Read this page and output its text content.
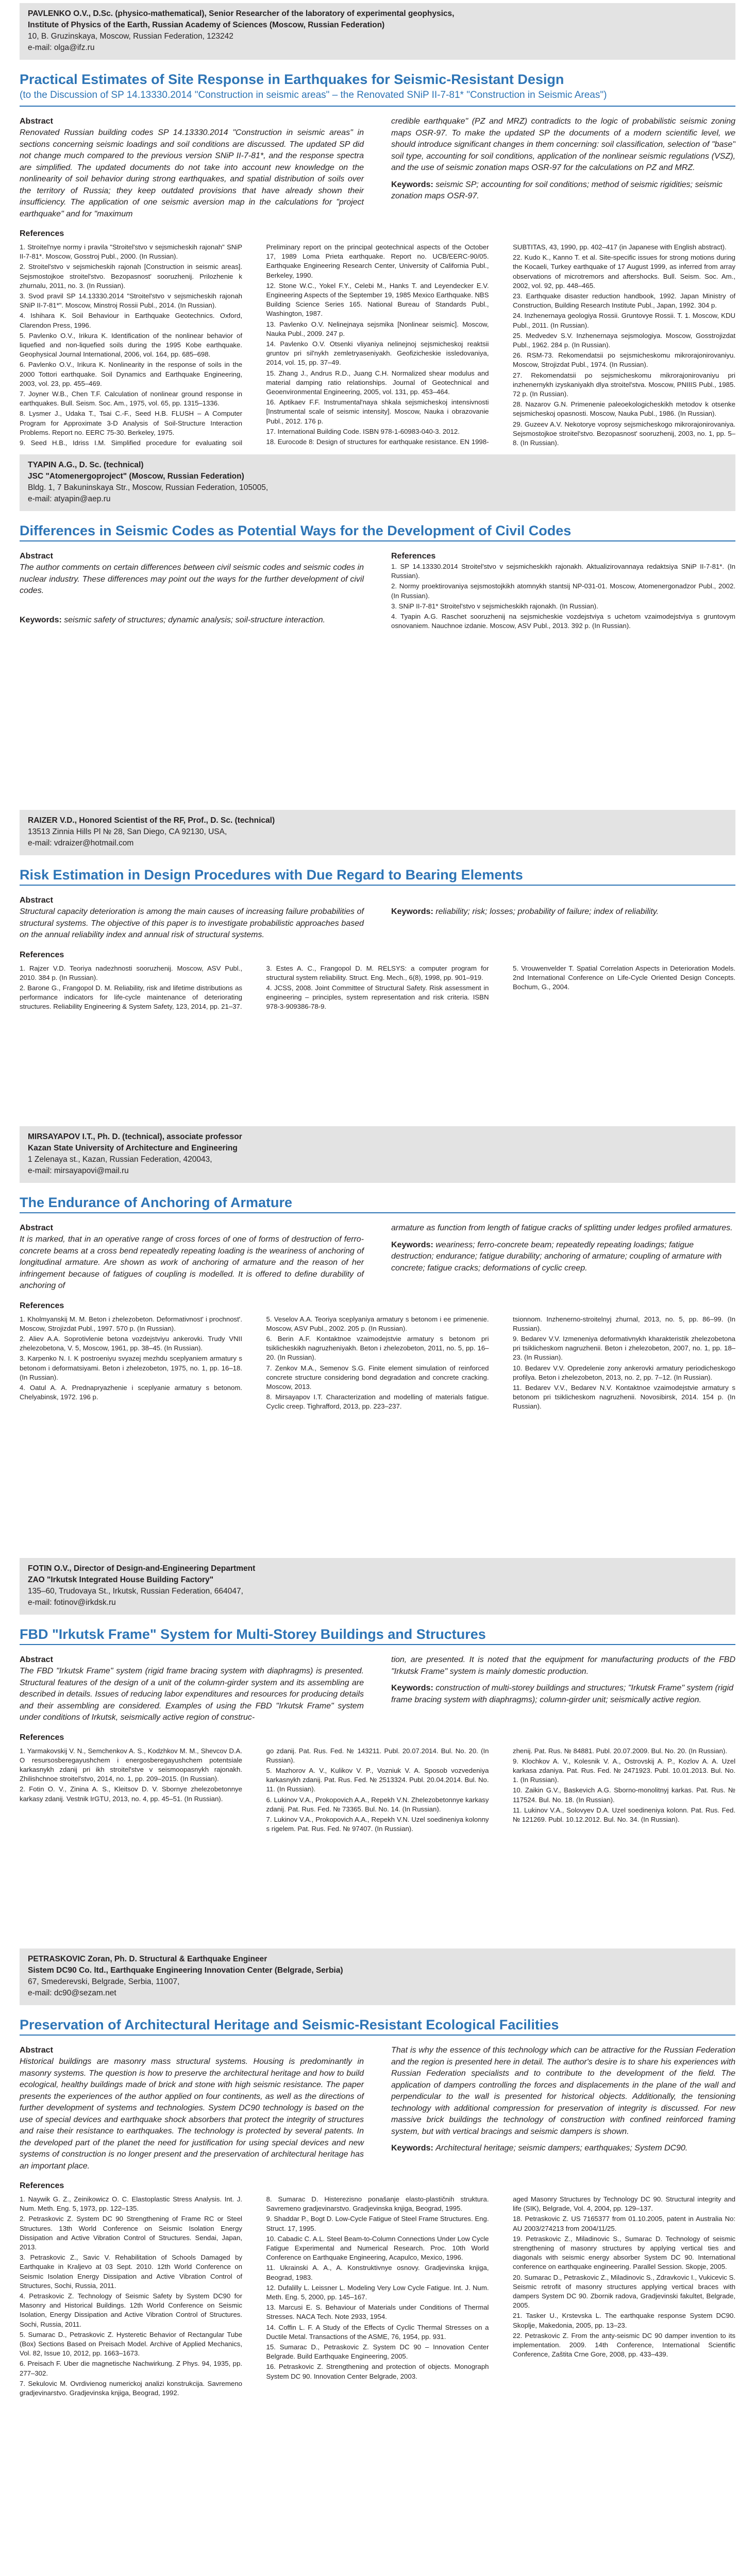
PAVLENKO O.V., D.Sc. (physico-mathematical), Senior Researcher of the laboratory of experimental geophysics,
Institute of Physics of the Earth, Russian Academy of Sciences (Moscow, Russian Federation)
10, B. Gruzinskaya, Moscow, Russian Federation, 123242
e-mail: olga@ifz.ru
Practical Estimates of Site Response in Earthquakes for Seismic-Resistant Design
(to the Discussion of SP 14.13330.2014 "Construction in seismic areas" – the Renovated SNiP II-7-81* "Construction in Seismic Areas")
Abstract

Renovated Russian building codes SP 14.13330.2014 "Construction in seismic areas" in sections concerning seismic loadings and soil conditions are discussed. The updated SP did not change much compared to the previous version SNiP II-7-81*, and the response spectra are simplified. The updated documents do not take into account new knowledge on the nonlinearity of soil behavior during strong earthquakes, and spatial distribution of soils over the territory of Russia; they keep outdated provisions that have already shown their insufficiency. The application of one seismic aversion map in the calculations for "project earthquake" and for "maximum

credible earthquake" (PZ and MRZ) contradicts to the logic of probabilistic seismic zoning maps OSR-97. To make the updated SP the documents of a modern scientific level, we should introduce significant changes in them concerning: soil classification, selection of "base" soil type, accounting for soil conditions, application of the nonlinear seismic regulations (VSZ), and the use of seismic zonation maps OSR-97 for the calculations on PZ and MRZ.

Keywords: seismic SP; accounting for soil conditions; method of seismic rigidities; seismic zonation maps OSR-97.
References

1. Stroitel'nye normy i pravila "Stroitel'stvo v sejsmicheskih rajonah" SNiP II-7-81*. Moscow, Gosstroj Publ., 2000. (In Russian).

2. Stroitel'stvo v sejsmicheskih rajonah [Construction in seismic areas]. Sejsmostojkoe stroitel'stvo. Bezopasnost' sooruzhenij. Prilozhenie k zhurnalu, 2011, no. 3. (In Russian).

3. Svod pravil SP 14.13330.2014 "Stroitel'stvo v sejsmicheskih rajonah SNiP II-7-81*". Moscow, Minstroj Rossii Publ., 2014. (In Russian).

4. Ishihara K. Soil Behaviour in Earthquake Geotechnics. Oxford, Clarendon Press, 1996.

5. Pavlenko O.V., Irikura K. Identification of the nonlinear behavior of liquefied and non-liquefied soils during the 1995 Kobe earthquake. Geophysical Journal International, 2006, vol. 164, pp. 685–698.

6. Pavlenko O.V., Irikura K. Nonlinearity in the response of soils in the 2000 Tottori earthquake. Soil Dynamics and Earthquake Engineering, 2003, vol. 23, pp. 455–469.

7. Joyner W.B., Chen T.F. Calculation of nonlinear ground response in earthquakes. Bull. Seism. Soc. Am., 1975, vol. 65, pp. 1315–1336.

8. Lysmer J., Udaka T., Tsai C.-F., Seed H.B. FLUSH – A Computer Program for Approximate 3-D Analysis of Soil-Structure Interaction Problems. Report no. EERC 75-30. Berkeley, 1975.

9. Seed H.B., Idriss I.M. Simplified procedure for evaluating soil

Preliminary report on the principal geotechnical aspects of the October 17, 1989 Loma Prieta earthquake. Report no. UCB/EERC-90/05. Earthquake Engineering Research Center, University of California Publ., Berkeley, 1990.

12. Stone W.C., Yokel F.Y., Celebi M., Hanks T. and Leyendecker E.V. Engineering Aspects of the September 19, 1985 Mexico Earthquake. NBS Building Science Series 165. National Bureau of Standards Publ., Washington, 1987.

13. Pavlenko O.V. Nelinejnaya sejsmika [Nonlinear seismic]. Moscow, Nauka Publ., 2009. 247 p.

14. Pavlenko O.V. Otsenki vliyaniya nelinejnoj sejsmicheskoj reaktsii gruntov pri sil'nykh zemletryaseniyakh. Geofizicheskie issledovaniya, 2014, vol. 15, pp. 37–49.

15. Zhang J., Andrus R.D., Juang C.H. Normalized shear modulus and material damping ratio relationships. Journal of Geotechnical and Geoenvironmental Engineering, 2005, vol. 131, pp. 453–464.

16. Aptikaev F.F. Instrumental'naya shkala sejsmicheskoj intensivnosti [Instrumental scale of seismic intensity]. Moscow, Nauka i obrazovanie Publ., 2012. 176 p.

17. International Building Code. ISBN 978-1-60983-040-3. 2012.

18. Eurocode 8: Design of structures for earthquake resistance. EN 1998-

SUBTITAS, 43, 1990, pp. 402–417 (in Japanese with English abstract).

22. Kudo K., Kanno T. et al. Site-specific issues for strong motions during the Kocaeli, Turkey earthquake of 17 August 1999, as inferred from array observations of microtremors and aftershocks. Bull. Seism. Soc. Am., 2002, vol. 92, pp. 448–465.

23. Earthquake disaster reduction handbook, 1992. Japan Ministry of Construction, Building Research Institute Publ., Japan, 1992. 304 p.

24. Inzhenernaya geologiya Rossii. Gruntovye Rossii. T. 1. Moscow, KDU Publ., 2011. (In Russian).

25. Medvedev S.V. Inzhenernaya sejsmologiya. Moscow, Gosstrojizdat Publ., 1962. 284 p. (In Russian).

26. RSM-73. Rekomendatsii po sejsmicheskomu mikrorajonirovaniyu. Moscow, Strojizdat Publ., 1974. (In Russian).

27. Rekomendatsii po sejsmicheskomu mikrorajonirovaniyu pri inzhenernykh izyskaniyakh dlya stroitel'stva. Moscow, PNIIIS Publ., 1985. 72 p. (In Russian).

28. Nazarov G.N. Primenenie paleoekologicheskikh metodov k otsenke sejsmicheskoj opasnosti. Moscow, Nauka Publ., 1986. (In Russian).

29. Guzeev A.V. Nekotorye voprosy sejsmicheskogo mikrorajonirovaniya. Sejsmostojkoe stroitel'stvo. Bezopasnost' sooruzhenij, 2003, no. 1, pp. 5–8. (In Russian).

TYAPIN A.G., D. Sc. (technical)
JSC "Atomenergoproject" (Moscow, Russian Federation)
Bldg. 1, 7 Bakuninskaya Str., Moscow, Russian Federation, 105005,
e-mail: atyapin@aep.ru
Differences in Seismic Codes as Potential Ways for the Development of Civil Codes
Abstract

The author comments on certain differences between civil seismic codes and seismic codes in nuclear industry. These differences may point out the ways for the further development of civil codes.

Keywords: seismic safety of structures; dynamic analysis; soil-structure interaction.
References

1. SP 14.13330.2014 Stroitel'stvo v sejsmicheskikh rajonakh. Aktualizirovannaya redaktsiya SNiP II-7-81*. (In Russian).

2. Normy proektirovaniya sejsmostojkikh atomnykh stantsij NP-031-01. Moscow, Atomenergonadzor Publ., 2002. (In Russian).

3. SNiP II-7-81* Stroitel'stvo v sejsmicheskikh rajonakh. (In Russian).

4. Tyapin A.G. Raschet sooruzhenij na sejsmicheskie vozdejstviya s uchetom vzaimodejstviya s gruntovym osnovaniem. Nauchnoe izdanie. Moscow, ASV Publ., 2013. 392 p. (In Russian).

RAIZER V.D., Honored Scientist of the RF, Prof., D. Sc. (technical)
13513 Zinnia Hills Pl № 28, San Diego, CA 92130, USA,
e-mail: vdraizer@hotmail.com
Risk Estimation in Design Procedures with Due Regard to Bearing Elements
Abstract

Structural capacity deterioration is among the main causes of increasing failure probabilities of structural systems. The objective of this paper is to investigate probabilistic approaches based on the annual reliability index and annual risk of structural systems.

Keywords: reliability; risk; losses; probability of failure; index of reliability.
References

1. Rajzer V.D. Teoriya nadezhnosti sooruzhenij. Moscow, ASV Publ., 2010. 384 p. (In Russian).

2. Barone G., Frangopol D. M. Reliability, risk and lifetime distributions as performance indicators for life-cycle maintenance of deteriorating structures. Reliability Engineering & System Safety, 123, 2014, pp. 21–37.

3. Estes A. C., Frangopol D. M. RELSYS: a computer program for structural system reliability. Struct. Eng. Mech., 6(8), 1998, pp. 901–919.

4. JCSS, 2008. Joint Committee of Structural Safety. Risk assessment in engineering – principles, system representation and risk criteria. ISBN 978-3-909386-78-9.

5. Vrouwenvelder T. Spatial Correlation Aspects in Deterioration Models. 2nd International Conference on Life-Cycle Oriented Design Concepts. Bochum, G., 2004.

MIRSAYAPOV I.T., Ph. D. (technical), associate professor
Kazan State University of Architecture and Engineering
1 Zelenaya st., Kazan, Russian Federation, 420043,
e-mail: mirsayapovi@mail.ru
The Endurance of Anchoring of Armature
Abstract

It is marked, that in an operative range of cross forces of one of forms of destruction of ferro-concrete beams at a cross bend repeatedly repeating loading is the weariness of anchoring of longitudinal armature. Are shown as work of anchoring of armature and the reason of her infringement because of fatigues of coupling is modelled. It is offered to define durability of anchoring of

armature as function from length of fatigue cracks of splitting under ledges profiled armatures.

Keywords: weariness; ferro-concrete beam; repeatedly repeating loadings; fatigue destruction; endurance; fatigue durability; anchoring of armature; coupling of armature with concrete; fatigue cracks; deformations of cyclic creep.
References

1. Kholmyanskij M. M. Beton i zhelezobeton. Deformativnost' i prochnost'. Moscow, Strojizdat Publ., 1997. 570 p. (In Russian).

2. Aliev A.A. Soprotivlenie betona vozdejstviyu ankerovki. Trudy VNII zhelezobetona, V. 5, Moscow, 1961, pp. 38–45. (In Russian).

3. Karpenko N. I. K postroeniyu svyazej mezhdu sceplyaniem armatury s betonom i deformatsiyami. Beton i zhelezobeton, 1975, no. 1, pp. 16–18. (In Russian).

4. Oatul A. A. Prednapryazhenie i sceplyanie armatury s betonom. Chelyabinsk, 1972. 196 p.

5. Veselov A.A. Teoriya sceplyaniya armatury s betonom i ee primenenie. Moscow, ASV Publ., 2002. 205 p. (In Russian).

6. Berin A.F. Kontaktnoe vzaimodejstvie armatury s betonom pri tsiklicheskikh nagruzheniyakh. Beton i zhelezobeton, 2011, no. 5, pp. 16–20. (In Russian).

7. Zenkov M.A., Semenov S.G. Finite element simulation of reinforced concrete structure considering bond degradation and concrete cracking. Moscow, 2013.

8. Mirsayapov I.T. Characterization and modelling of materials fatigue. Cyclic creep. Tighrafford, 2013, pp. 223–237.

tsionnom. Inzhenerno-stroitelnyj zhurnal, 2013, no. 5, pp. 86–99. (In Russian).

9. Bedarev V.V. Izmeneniya deformativnykh kharakteristik zhelezobetona pri tsiklicheskom nagruzhenii. Beton i zhelezobeton, 2007, no. 1, pp. 18–23. (In Russian).

10. Bedarev V.V. Opredelenie zony ankerovki armatury periodicheskogo profilya. Beton i zhelezobeton, 2013, no. 2, pp. 7–12. (In Russian).

11. Bedarev V.V., Bedarev N.V. Kontaktnoe vzaimodejstvie armatury s betonom pri tsiklicheskom nagruzhenii. Novosibirsk, 2014. 154 p. (In Russian).

FOTIN O.V., Director of Design-and-Engineering Department
ZAO "Irkutsk Integrated House Building Factory"
135–60, Trudovaya St., Irkutsk, Russian Federation, 664047,
e-mail: fotinov@irkdsk.ru
FBD "Irkutsk Frame" System for Multi-Storey Buildings and Structures
Abstract

The FBD "Irkutsk Frame" system (rigid frame bracing system with diaphragms) is presented. Structural features of the design of a unit of the column-girder system and its assembling are described in details. Issues of reducing labor expenditures and resources for producing details and their assembling are considered. Examples of using the FBD "Irkutsk Frame" system under conditions of Irkutsk, seismically active region of construc-

tion, are presented. It is noted that the equipment for manufacturing products of the FBD "Irkutsk Frame" system is mainly domestic production.

Keywords: construction of multi-storey buildings and structures; "Irkutsk Frame" system (rigid frame bracing system with diaphragms); column-girder unit; seismically active region.
References

1. Yarmakovskij V. N., Semchenkov A. S., Kodzhkov M. M., Shevcov D.A. O resursosberegayushchem i energosberegayushchem potentsiale karkasnykh zdanij pri ikh stroitel'stve v seismoopasnykh rajonakh. Zhilishchnoe stroitel'stvo, 2014, no. 1, pp. 209–2015. (In Russian).

2. Fotin O. V., Zinina A. S., Kleitsov D. V. Sbornye zhelezobetonnye karkasy zdanij. Vestnik IrGTU, 2013, no. 4, pp. 45–51. (In Russian).

go zdanij. Pat. Rus. Fed. № 143211. Publ. 20.07.2014. Bul. No. 20. (In Russian).

5. Mazhorov A. V., Kulikov V. P., Vozniuk V. A. Sposob vozvedeniya karkasnykh zdanij. Pat. Rus. Fed. № 2513324. Publ. 20.04.2014. Bul. No. 11. (In Russian).

6. Lukinov V.A., Prokopovich A.A., Repekh V.N. Zhelezobetonnye karkasy zdanij. Pat. Rus. Fed. № 73365. Bul. No. 14. (In Russian).

7. Lukinov V.A., Prokopovich A.A., Repekh V.N. Uzel soedineniya kolonny s rigelem. Pat. Rus. Fed. № 97407. (In Russian).

zhenij. Pat. Rus. № 84881. Publ. 20.07.2009. Bul. No. 20. (In Russian).

9. Klochkov A. V., Kolesnik V. A., Ostrovskij A. P., Kozlov A. A. Uzel karkasa zdaniya. Pat. Rus. Fed. № 2471923. Publ. 10.01.2013. Bul. No. 1. (In Russian).

10. Zaikin G.V., Baskevich A.G. Sborno-monolitnyj karkas. Pat. Rus. № 117524. Bul. No. 18. (In Russian).

11. Lukinov V.A., Solovyev D.A. Uzel soedineniya kolonn. Pat. Rus. Fed. № 121269. Publ. 10.12.2012. Bul. No. 34. (In Russian).

PETRASKOVIC Zoran, Ph. D. Structural & Earthquake Engineer
Sistem DC90 Co. ltd., Earthquake Engineering Innovation Center (Belgrade, Serbia)
67, Smederevski, Belgrade, Serbia, 11007,
e-mail: dc90@sezam.net
Preservation of Architectural Heritage and Seismic-Resistant Ecological Facilities
Abstract

Historical buildings are masonry mass structural systems. Housing is predominantly in masonry systems. The question is how to preserve the architectural heritage and how to build ecological, healthy buildings made of brick and stone with high seismic resistance. The paper presents the experiences of the author applied on four continents, as well as the directions of further development of systems and technologies. System DC90 technology is based on the use of special devices and earthquake shock absorbers that protect the integrity of structures and raise their resistance to earthquakes. The technology is protected by several patents. In the developed part of the planet the need for justification for using special devices and new systems of construction is no longer present and the preservation of architectural heritage has an important place.

That is why the essence of this technology which can be attractive for the Russian Federation and the region is presented here in detail. The author's desire is to share his experiences with Russian Federation specialists and to contribute to the development of the field. The application of dampers controlling the forces and displacements in the plane of the wall and perpendicular to the wall is presented for historical objects. Additionally, the tensioning technology with additional compression for preservation of integrity is discussed. For new massive brick buildings the technology of construction with confined reinforced framing system, but with vertical bracings and seismic dampers is shown.

Keywords: Architectural heritage; seismic dampers; earthquakes; System DC90.
References

1. Naywik G. Z., Zeinikowicz O. C. Elastoplastic Stress Analysis. Int. J. Num. Meth. Eng. 5, 1973, pp. 122–135.

2. Petraskovic Z. System DC 90 Strengthening of Frame RC or Steel Structures. 13th World Conference on Seismic Isolation Energy Dissipation and Active Vibration Control of Structures. Sendai, Japan, 2013.

3. Petraskovic Z., Savic V. Rehabilitation of Schools Damaged by Earthquake in Kraljevo at 03 Sept. 2010. 12th World Conference on Seismic Isolation Energy Dissipation and Active Vibration Control of Structures, Sochi, Russia, 2011.

4. Petraskovic Z. Technology of Seismic Safety by System DC90 for Masonry and Historical Buildings. 12th World Conference on Seismic Isolation, Energy Dissipation and Active Vibration Control of Structures. Sochi, Russia, 2011.

5. Sumarac D., Petraskovic Z. Hysteretic Behavior of Rectangular Tube (Box) Sections Based on Preisach Model. Archive of Applied Mechanics, Vol. 82, Issue 10, 2012, pp. 1663–1673.

6. Preisach F. Uber die magnetische Nachwirkung. Z Phys. 94, 1935, pp. 277–302.

7. Sekulovic M. Ovrdivienog numerickoj analizi konstrukcija. Savremeno gradjevinarstvo. Gradjevinska knjiga, Beograd, 1992.

8. Sumarac D. Histerezisno ponašanje elasto-plastičnih struktura. Savremeno gradjevinarstvo. Gradjevinska knjiga, Beograd, 1995.

9. Shaddar P., Bogt D. Low-Cycle Fatigue of Steel Frame Structures. Eng. Struct. 17, 1995.

10. Cabadic C. A.L. Steel Beam-to-Column Connections Under Low Cycle Fatigue Experimental and Numerical Research. Proc. 10th World Conference on Earthquake Engineering, Acapulco, Mexico, 1996.

11. Ukrainski A. A., A. Konstruktivnye osnovy. Gradjevinska knjiga, Beograd, 1983.

12. Dufalilly L. Leissner L. Modeling Very Low Cycle Fatigue. Int. J. Num. Meth. Eng. 5, 2000, pp. 145–167.

13. Marcusi E. S. Behaviour of Materials under Conditions of Thermal Stresses. NACA Tech. Note 2933, 1954.

14. Coffin L. F. A Study of the Effects of Cyclic Thermal Stresses on a Ductile Metal. Transactions of the ASME, 76, 1954, pp. 931.

15. Sumarac D., Petraskovic Z. System DC 90 – Innovation Center Belgrade. Build Earthquake Engineering, 2005.

16. Petraskovic Z. Strengthening and protection of objects. Monograph System DC 90. Innovation Center Belgrade, 2003.

aged Masonry Structures by Technology DC 90. Structural integrity and life (SIK), Belgrade, Vol. 4, 2004, pp. 129–137.

18. Petraskovic Z. US 7165377 from 01.10.2005, patent in Australia No: AU 2003/274213 from 2004/11/25.

19. Petraskovic Z., Miladinovic S., Sumarac D. Technology of seismic strengthening of masonry structures by applying vertical ties and diagonals with seismic energy absorber System DC 90. International conference on earthquake engineering. Parallel Session. Skopje, 2005.

20. Sumarac D., Petraskovic Z., Miladinovic S., Zdravkovic I., Vukicevic S. Seismic retrofit of masonry structures applying vertical braces with dampers System DC 90. Zbornik radova, Gradjevinski fakultet, Belgrade, 2005.

21. Tasker U., Krstevska L. The earthquake response System DC90. Skoplje, Makedonia, 2005, pp. 13–23.

22. Petraskovic Z. From the anty-seismic DC 90 damper invention to its implementation. 2009. 14th Conference, International Scientific Conference, Zaštita Crne Gore, 2008, pp. 433–439.
